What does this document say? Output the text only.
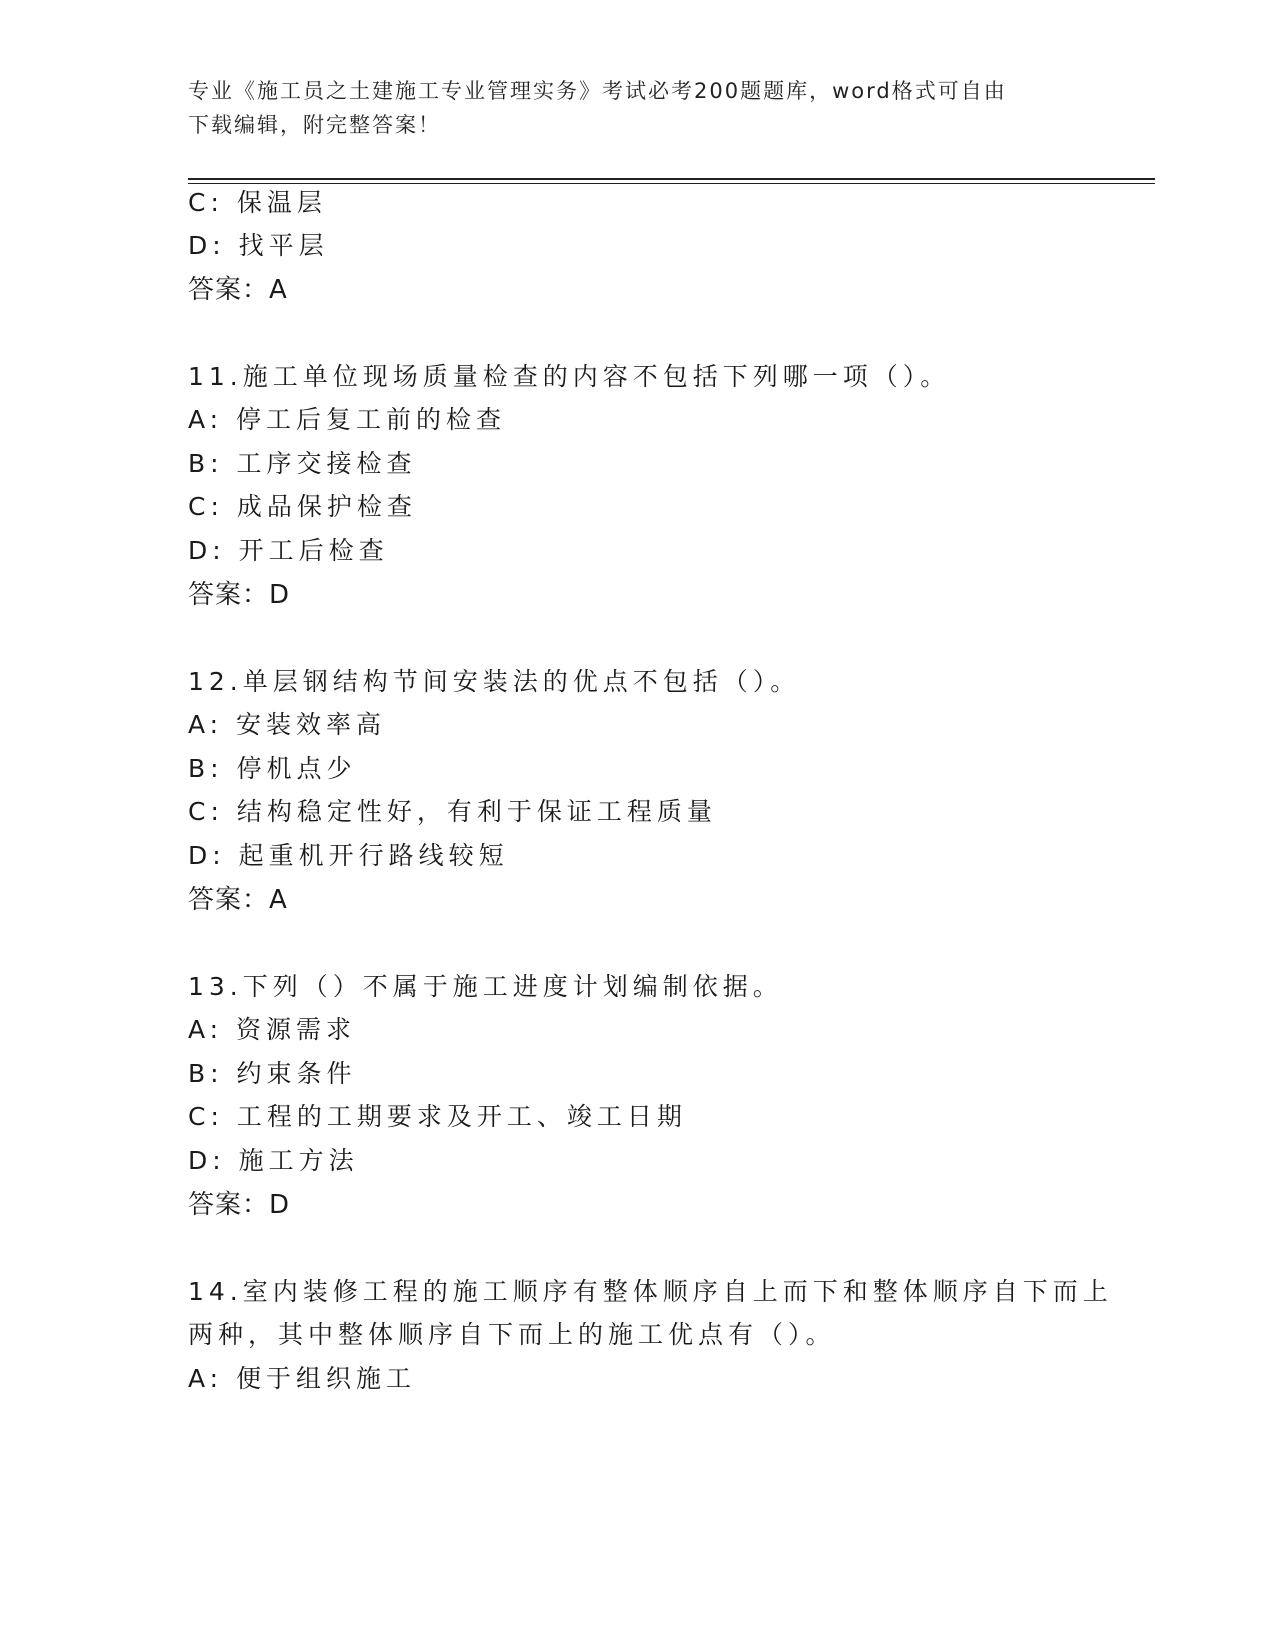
专业《施工员之土建施工专业管理实务》考试必考200题题库，word格式可自由
下载编辑，附完整答案！
C: 保温层
D: 找平层
答案：A
11.施工单位现场质量检查的内容不包括下列哪一项（）。
A: 停工后复工前的检查
B: 工序交接检查
C: 成品保护检查
D: 开工后检查
答案：D
12.单层钢结构节间安装法的优点不包括（）。
A: 安装效率高
B: 停机点少
C: 结构稳定性好，有利于保证工程质量
D: 起重机开行路线较短
答案：A
13.下列（）不属于施工进度计划编制依据。
A: 资源需求
B: 约束条件
C: 工程的工期要求及开工、竣工日期
D: 施工方法
答案：D
14.室内装修工程的施工顺序有整体顺序自上而下和整体顺序自下而上
两种，其中整体顺序自下而上的施工优点有（）。
A: 便于组织施工
